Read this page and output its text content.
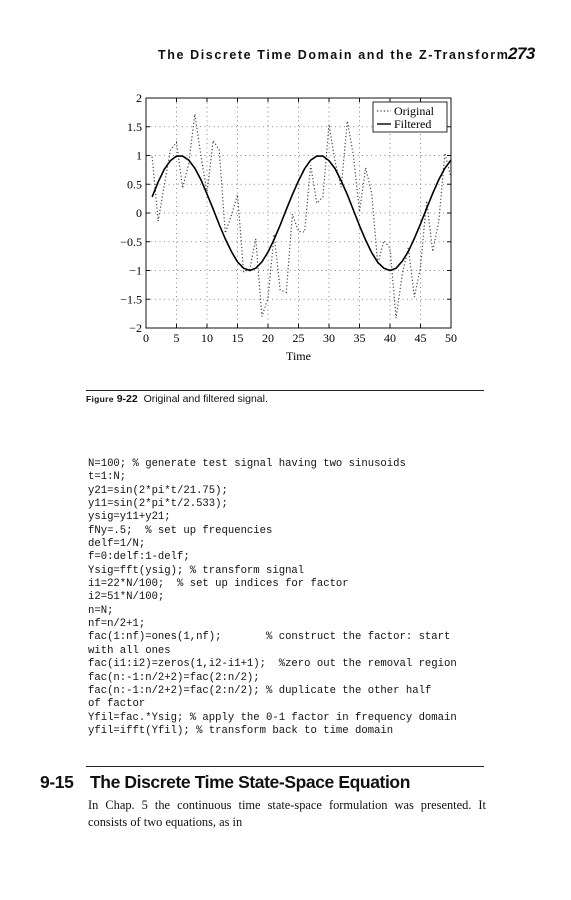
The Discrete Time Domain and the Z-Transform
273
0 5 10 15 20 25 30 35 40 45 50
−2
−1.5
−1
−0.5
0
0.5
1
1.5
2
Time
Original
Filtered
Figure 9-22 Original and filtered signal.
N=100; % generate test signal having two sinusoids
t=1:N;
y21=sin(2*pi*t/21.75);
y11=sin(2*pi*t/2.533);
ysig=y11+y21;
fNy=.5;  % set up frequencies
delf=1/N;
f=0:delf:1-delf;
Ysig=fft(ysig); % transform signal
i1=22*N/100;  % set up indices for factor
i2=51*N/100;
n=N;
nf=n/2+1;
fac(1:nf)=ones(1,nf);       % construct the factor: start
with all ones
fac(i1:i2)=zeros(1,i2-i1+1);  %zero out the removal region
fac(n:-1:n/2+2)=fac(2:n/2);
fac(n:-1:n/2+2)=fac(2:n/2); % duplicate the other half
of factor
Yfil=fac.*Ysig; % apply the 0-1 factor in frequency domain
yfil=ifft(Yfil); % transform back to time domain
9-15 The Discrete Time State-Space Equation

In Chap. 5 the continuous time state-space formulation was presented. It consists of two equations, as in
